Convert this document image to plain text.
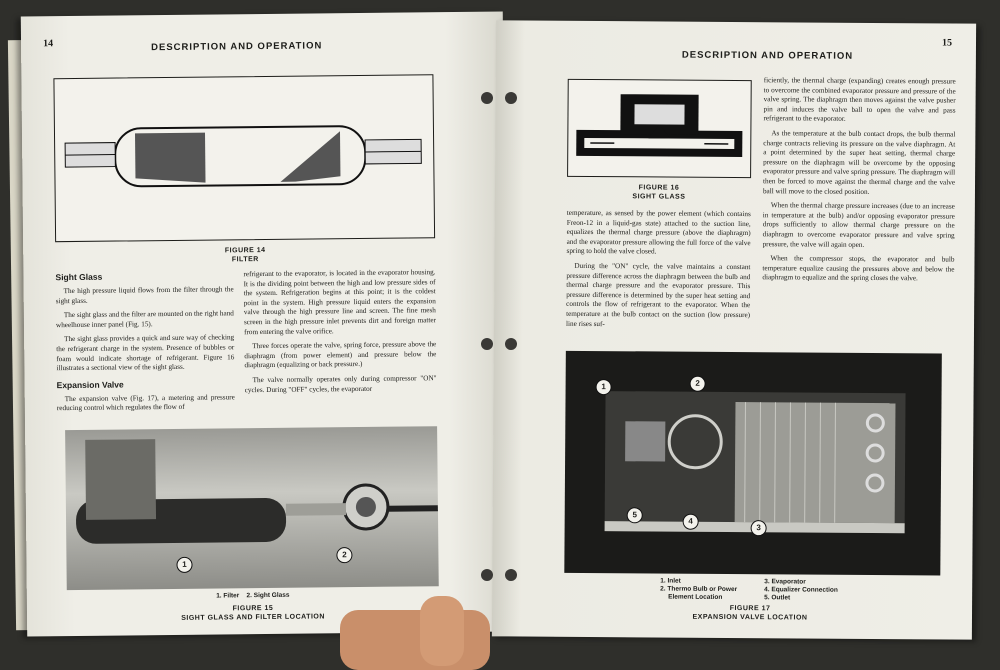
14	DESCRIPTION AND OPERATION
FIGURE 14
FILTER
Sight Glass

The high pressure liquid flows from the filter through the sight glass.

The sight glass and the filter are mounted on the right hand wheelhouse inner panel (Fig. 15).

The sight glass provides a quick and sure way of checking the refrigerant charge in the system. Presence of bubbles or foam would indicate shortage of refrigerant. Figure 16 illustrates a sectional view of the sight glass.

Expansion Valve

The expansion valve (Fig. 17), a metering and pressure reducing control which regulates the flow of

refrigerant to the evaporator, is located in the evaporator housing. It is the dividing point between the high and low pressure sides of the system. Refrigeration begins at this point; it is the coldest point in the system. High pressure liquid enters the expansion valve through the high pressure line and screen. The fine mesh screen in the high pressure inlet prevents dirt and foreign matter from entering the valve orifice.

Three forces operate the valve, spring force, pressure above the diaphragm (from power element) and pressure below the diaphragm (equalizing or back pressure.)

The valve normally operates only during compressor "ON" cycles. During "OFF" cycles, the evaporator

1
2
1. Filter    2. Sight Glass
FIGURE 15
SIGHT GLASS AND FILTER LOCATION
DESCRIPTION AND OPERATION
15
FIGURE 16
SIGHT GLASS

temperature, as sensed by the power element (which contains Freon-12 in a liquid-gas state) attached to the suction line, equalizes the thermal charge pressure (above the diaphragm) and the evaporator pressure allowing the full force of the valve spring to hold the valve closed.

During the "ON" cycle, the valve maintains a constant pressure difference across the diaphragm between the bulb and thermal charge pressure and the evaporator pressure. This pressure difference is determined by the super heat setting and controls the flow of refrigerant to the evaporator. When the temperature at the bulb contact on the suction (low pressure) line rises suf-

ficiently, the thermal charge (expanding) creates enough pressure to overcome the combined evaporator pressure and pressure of the valve spring. The diaphragm then moves against the valve pusher pin and induces the valve ball to open the valve and pass refrigerant to the evaporator.

As the temperature at the bulb contact drops, the bulb thermal charge contracts relieving its pressure on the valve diaphragm. At a point determined by the super heat setting, thermal charge pressure on the diaphragm will be overcome by the opposing evaporator pressure and valve spring pressure. The diaphragm will then be forced to move against the thermal charge and the valve ball will move to the closed position.

When the thermal charge pressure increases (due to an increase in temperature at the bulb) and/or opposing evaporator pressure drops sufficiently to allow thermal charge pressure on the diaphragm to overcome evaporator pressure and valve spring pressure, the valve will again open.

When the compressor stops, the evaporator and bulb temperature equalize causing the pressures above and below the diaphragm to equalize and the spring closes the valve.

1	2
3
4
5
1. Inlet
2. Thermo Bulb or Power
Element Location
3. Evaporator
4. Equalizer Connection
5. Outlet
FIGURE 17
EXPANSION VALVE LOCATION
